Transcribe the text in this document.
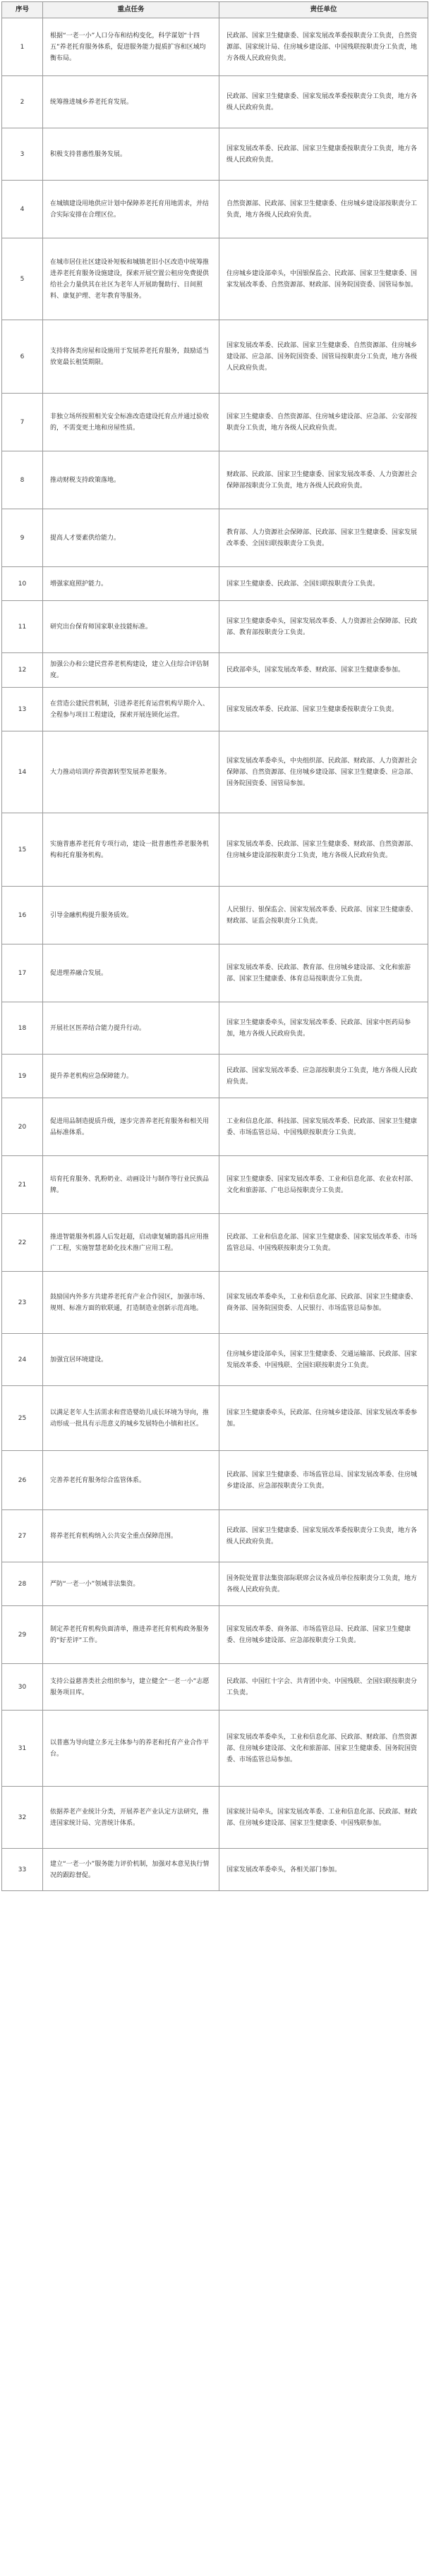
序号	重点任务	责任单位
1	根据“一老一小”人口分布和结构变化，科学谋划“十四五”养老托育服务体系，促进服务能力提质扩容和区域均衡布局。	民政部、国家卫生健康委、国家发展改革委按职责分工负责，自然资源部、国家统计局、住房城乡建设部、中国残联按职责分工负责，地方各级人民政府负责。
2	统筹推进城乡养老托育发展。	民政部、国家卫生健康委、国家发展改革委按职责分工负责，地方各级人民政府负责。
3	积极支持普惠性服务发展。	国家发展改革委、民政部、国家卫生健康委按职责分工负责，地方各级人民政府负责。
4	在城镇建设用地供应计划中保障养老托育用地需求，并结合实际安排在合理区位。	自然资源部、民政部、国家卫生健康委、住房城乡建设部按职责分工负责，地方各级人民政府负责。
5	在城市居住社区建设补短板和城镇老旧小区改造中统筹推进养老托育服务设施建设，探索开展空置公租房免费提供给社会力量供其在社区为老年人开展助餐助行、日间照料、康复护理、老年教育等服务。	住房城乡建设部牵头，中国银保监会、民政部、国家卫生健康委、国家发展改革委、自然资源部、财政部、国务院国资委、国管局参加。
6	支持将各类房屋和设施用于发展养老托育服务，鼓励适当放宽最长租赁期限。	国家发展改革委、民政部、国家卫生健康委、自然资源部、住房城乡建设部、应急部、国务院国资委、国管局按职责分工负责，地方各级人民政府负责。
7	非独立场所按照相关安全标准改造建设托育点并通过验收的，不需变更土地和房屋性质。	国家卫生健康委、自然资源部、住房城乡建设部、应急部、公安部按职责分工负责，地方各级人民政府负责。
8	推动财税支持政策落地。	财政部、民政部、国家卫生健康委、国家发展改革委、人力资源社会保障部按职责分工负责，地方各级人民政府负责。
9	提高人才要素供给能力。	教育部、人力资源社会保障部、民政部、国家卫生健康委、国家发展改革委、全国妇联按职责分工负责。
10	增强家庭照护能力。	国家卫生健康委、民政部、全国妇联按职责分工负责。
11	研究出台保育师国家职业技能标准。	国家卫生健康委牵头，国家发展改革委、人力资源社会保障部、民政部、教育部按职责分工负责。
12	加强公办和公建民营养老机构建设，建立入住综合评估制度。	民政部牵头，国家发展改革委、财政部、国家卫生健康委参加。
13	在营造公建民营机制，引进养老托育运营机构早期介入、全程参与项目工程建设，探索开展连锁化运营。	国家发展改革委、民政部、国家卫生健康委按职责分工负责。
14	大力推动培训疗养资源转型发展养老服务。	国家发展改革委牵头，中央组织部、民政部、财政部、人力资源社会保障部、自然资源部、住房城乡建设部、国家卫生健康委、应急部、国务院国资委、国管局参加。
15	实施普惠养老托育专项行动，建设一批普惠性养老服务机构和托育服务机构。	国家发展改革委、民政部、国家卫生健康委、财政部、自然资源部、住房城乡建设部按职责分工负责，地方各级人民政府负责。
16	引导金融机构提升服务质效。	人民银行、银保监会、国家发展改革委、民政部、国家卫生健康委、财政部、证监会按职责分工负责。
17	促进理养融合发展。	国家发展改革委、民政部、教育部、住房城乡建设部、文化和旅游部、国家卫生健康委、体育总局按职责分工负责。
18	开展社区医养结合能力提升行动。	国家卫生健康委牵头，国家发展改革委、民政部、国家中医药局参加，地方各级人民政府负责。
19	提升养老机构应急保障能力。	民政部、国家发展改革委、应急部按职责分工负责，地方各级人民政府负责。
20	促进用品制造提质升级，逐步完善养老托育服务和相关用品标准体系。	工业和信息化部、科技部、国家发展改革委、民政部、国家卫生健康委、市场监管总局、中国残联按职责分工负责。
21	培育托育服务、乳粉奶业、动画设计与制作等行业民族品牌。	国家卫生健康委、国家发展改革委、工业和信息化部、农业农村部、文化和旅游部、广电总局按职责分工负责。
22	推进智能服务机器人后发赶超，启动康复辅助器具应用推广工程，实施智慧老龄化技术推广应用工程。	民政部、工业和信息化部、国家卫生健康委、国家发展改革委、市场监管总局、中国残联按职责分工负责。
23	鼓励国内外多方共建养老托育产业合作园区，加强市场、规则、标准方面的软联通，打造制造业创新示范高地。	国家发展改革委牵头，工业和信息化部、民政部、国家卫生健康委、商务部、国务院国资委、人民银行、市场监管总局参加。
24	加强宜居环境建设。	住房城乡建设部牵头，国家卫生健康委、交通运输部、民政部、国家发展改革委、中国残联、全国妇联按职责分工负责。
25	以满足老年人生活需求和营造婴幼儿成长环境为导向，推动形成一批具有示范意义的城乡发展特色小镇和社区。	国家卫生健康委牵头，民政部、住房城乡建设部、国家发展改革委参加。
26	完善养老托育服务综合监管体系。	民政部、国家卫生健康委、市场监管总局、国家发展改革委、住房城乡建设部、应急部按职责分工负责。
27	将养老托育机构纳入公共安全重点保障范围。	民政部、国家卫生健康委、国家发展改革委按职责分工负责，地方各级人民政府负责。
28	严防“一老一小”领域非法集资。	国务院处置非法集资部际联席会议各成员单位按职责分工负责，地方各级人民政府负责。
29	制定养老托育机构负面清单，推进养老托育机构政务服务的“好差评”工作。	国家发展改革委、商务部、市场监管总局、民政部、国家卫生健康委、住房城乡建设部、应急部按职责分工负责。
30	支持公益慈善类社会组织参与，建立健全“一老一小”志愿服务项目库。	民政部、中国红十字会、共青团中央、中国残联、全国妇联按职责分工负责。
31	以普惠为导向建立多元主体参与的养老和托育产业合作平台。	国家发展改革委牵头，工业和信息化部、民政部、财政部、自然资源部、住房城乡建设部、文化和旅游部、国家卫生健康委、国务院国资委、市场监管总局参加。
32	依据养老产业统计分类，开展养老产业认定方法研究，推进国家统计局、完善统计体系。	国家统计局牵头，国家发展改革委、工业和信息化部、民政部、财政部、住房城乡建设部、国家卫生健康委、中国残联参加。
33	建立“一老一小”服务能力评价机制，加强对本意见执行情况的跟踪督促。	国家发展改革委牵头，各相关部门参加。
